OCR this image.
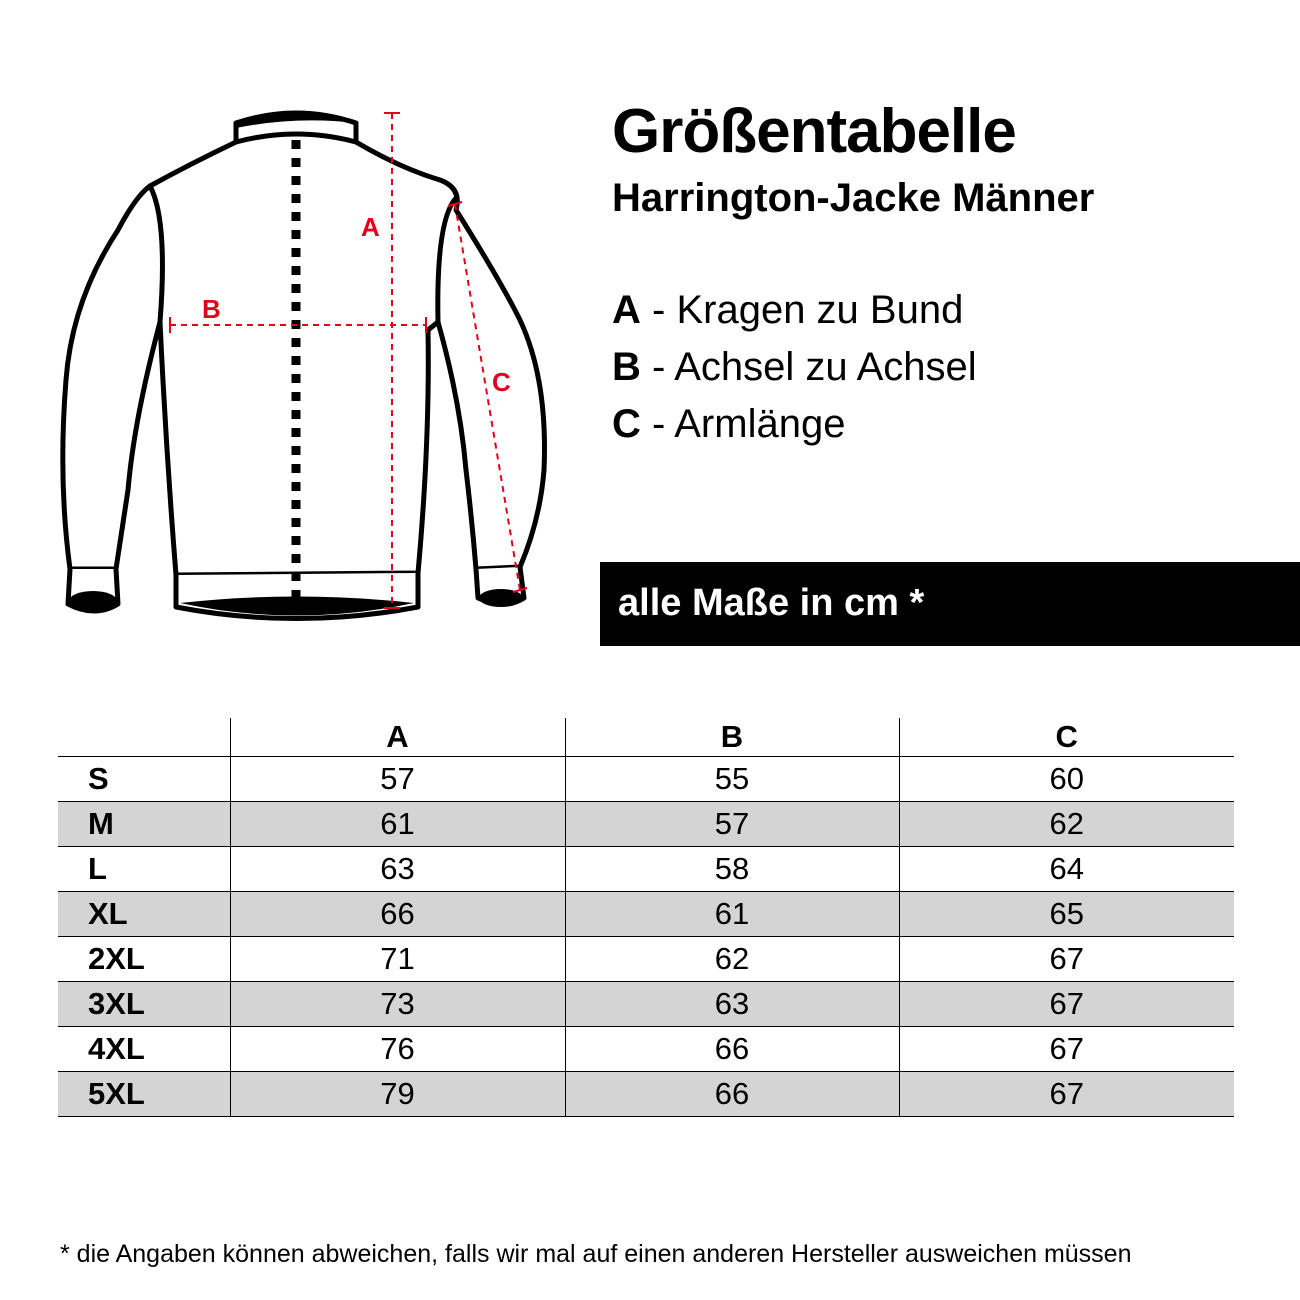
A
B
C
Größentabelle
Harrington-Jacke Männer
A - Kragen zu Bund
B - Achsel zu Achsel
C - Armlänge
alle Maße in cm *
	A	B	C
S	57	55	60
M	61	57	62
L	63	58	64
XL	66	61	65
2XL	71	62	67
3XL	73	63	67
4XL	76	66	67
5XL	79	66	67
* die Angaben können abweichen, falls wir mal auf einen anderen Hersteller ausweichen müssen
